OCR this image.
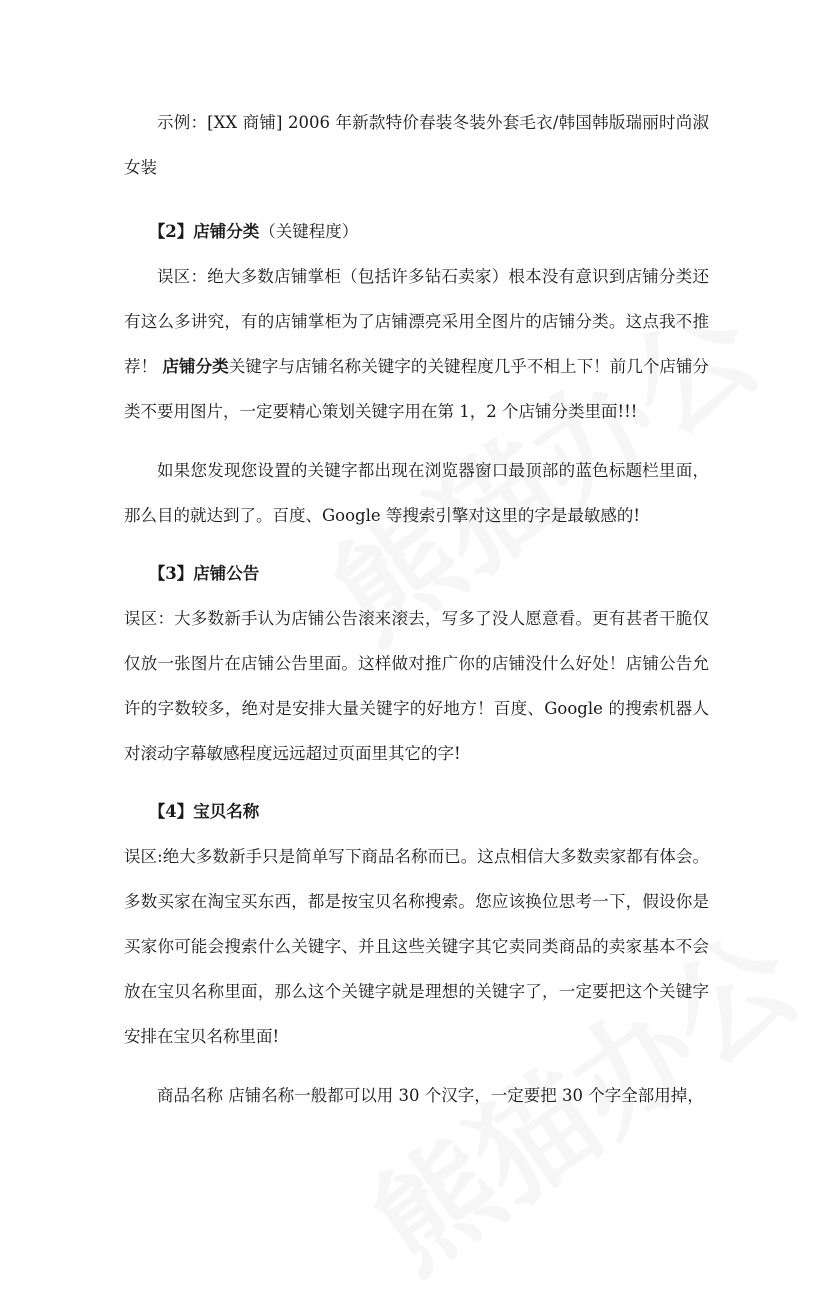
示例：[XX 商铺] 2006 年新款特价春装冬装外套毛衣/韩国韩版瑞丽时尚淑女装

【2】店铺分类（关键程度）

误区：绝大多数店铺掌柜（包括许多钻石卖家）根本没有意识到店铺分类还有这么多讲究，有的店铺掌柜为了店铺漂亮采用全图片的店铺分类。这点我不推荐！ 店铺分类关键字与店铺名称关键字的关键程度几乎不相上下！前几个店铺分类不要用图片，一定要精心策划关键字用在第 1，2 个店铺分类里面!!!

如果您发现您设置的关键字都出现在浏览器窗口最顶部的蓝色标题栏里面，那么目的就达到了。百度、Google 等搜索引擎对这里的字是最敏感的!

【3】店铺公告

误区：大多数新手认为店铺公告滚来滚去，写多了没人愿意看。更有甚者干脆仅仅放一张图片在店铺公告里面。这样做对推广你的店铺没什么好处！店铺公告允许的字数较多，绝对是安排大量关键字的好地方！百度、Google 的搜索机器人对滚动字幕敏感程度远远超过页面里其它的字!

【4】宝贝名称

误区:绝大多数新手只是简单写下商品名称而已。这点相信大多数卖家都有体会。多数买家在淘宝买东西，都是按宝贝名称搜索。您应该换位思考一下，假设你是买家你可能会搜索什么关键字、并且这些关键字其它卖同类商品的卖家基本不会放在宝贝名称里面，那么这个关键字就是理想的关键字了，一定要把这个关键字安排在宝贝名称里面!

商品名称 店铺名称一般都可以用 30 个汉字，一定要把 30 个字全部用掉，
